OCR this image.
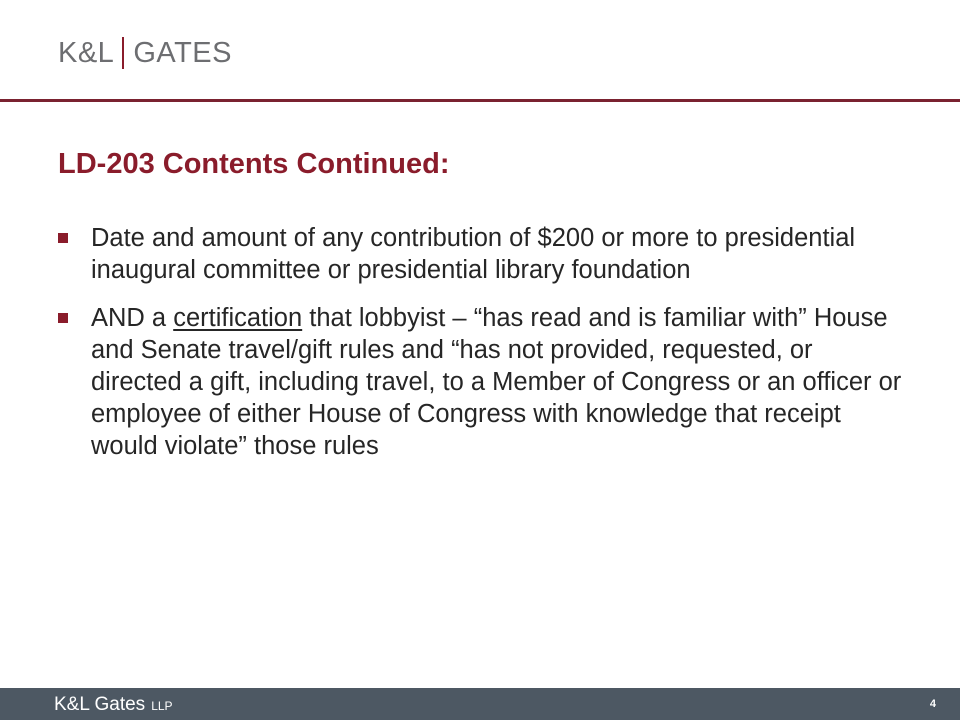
K&L GATES
LD-203 Contents Continued:
Date and amount of any contribution of $200 or more to presidential inaugural committee or presidential library foundation
AND a certification that lobbyist – “has read and is familiar with” House and Senate travel/gift rules and “has not provided, requested, or directed a gift, including travel, to a Member of Congress or an officer or employee of either House of Congress with knowledge that receipt would violate” those rules
K&L Gates LLP	4
